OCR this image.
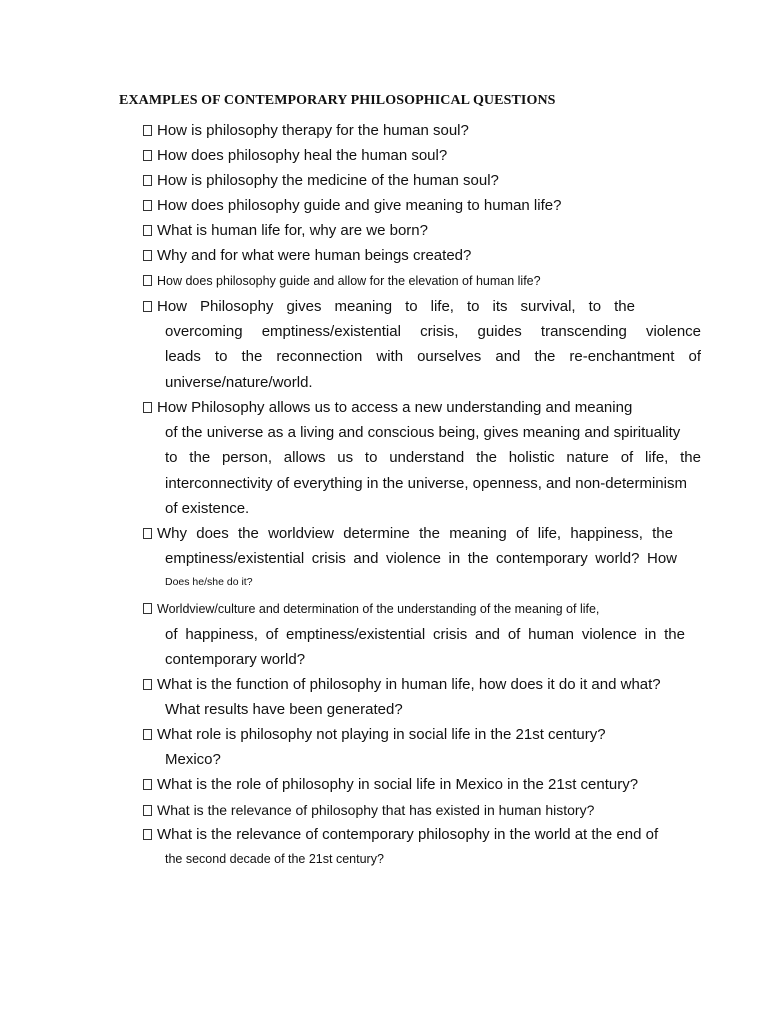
EXAMPLES OF CONTEMPORARY PHILOSOPHICAL QUESTIONS
How is philosophy therapy for the human soul?
How does philosophy heal the human soul?
How is philosophy the medicine of the human soul?
How does philosophy guide and give meaning to human life?
What is human life for, why are we born?
Why and for what were human beings created?
How does philosophy guide and allow for the elevation of human life?
How Philosophy gives meaning to life, to its survival, to the
overcoming emptiness/existential crisis, guides transcending violence
leads to the reconnection with ourselves and the re-enchantment of
universe/nature/world.
How Philosophy allows us to access a new understanding and meaning
of the universe as a living and conscious being, gives meaning and spirituality
to the person, allows us to understand the holistic nature of life, the
interconnectivity of everything in the universe, openness, and non-determinism
of existence.
Why does the worldview determine the meaning of life, happiness, the
emptiness/existential crisis and violence in the contemporary world? How
Does he/she do it?
Worldview/culture and determination of the understanding of the meaning of life,
of happiness, of emptiness/existential crisis and of human violence in the
contemporary world?
What is the function of philosophy in human life, how does it do it and what?
What results have been generated?
What role is philosophy not playing in social life in the 21st century?
Mexico?
What is the role of philosophy in social life in Mexico in the 21st century?
What is the relevance of philosophy that has existed in human history?
What is the relevance of contemporary philosophy in the world at the end of
the second decade of the 21st century?
